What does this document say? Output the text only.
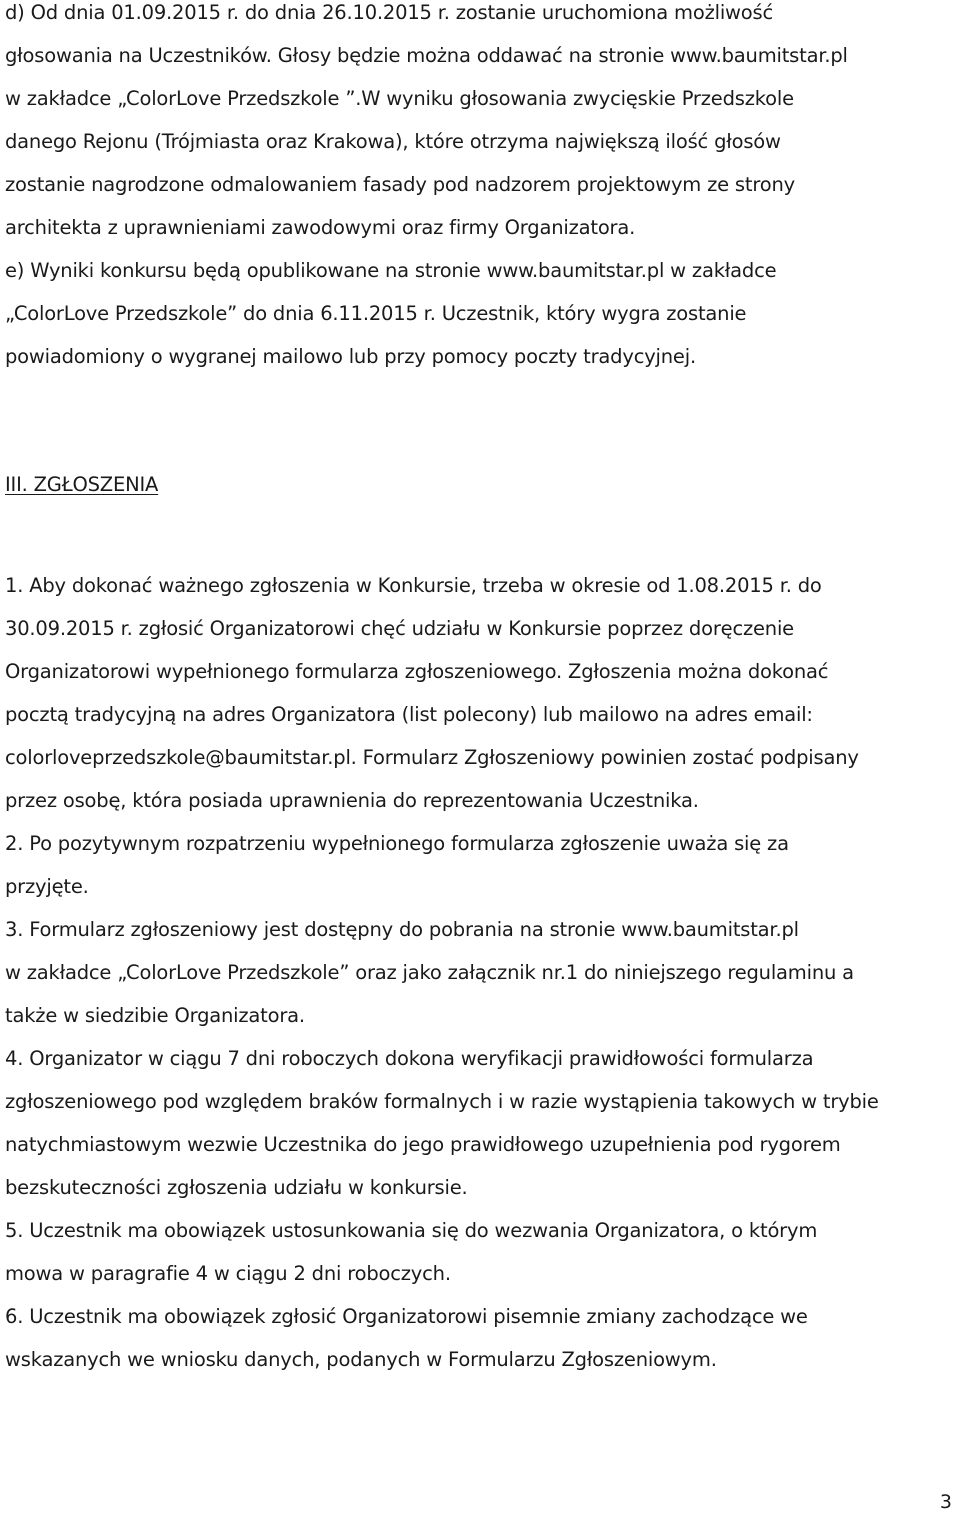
d) Od dnia 01.09.2015 r. do dnia 26.10.2015 r. zostanie uruchomiona możliwość
głosowania na Uczestników. Głosy będzie można oddawać na stronie www.baumitstar.pl
w zakładce „ColorLove Przedszkole ”.W wyniku głosowania zwycięskie Przedszkole
danego Rejonu (Trójmiasta oraz Krakowa), które otrzyma największą ilość głosów
zostanie nagrodzone odmalowaniem fasady pod nadzorem projektowym ze strony
architekta z uprawnieniami zawodowymi oraz firmy Organizatora.
e) Wyniki konkursu będą opublikowane na stronie www.baumitstar.pl w zakładce
„ColorLove Przedszkole” do dnia 6.11.2015 r. Uczestnik, który wygra zostanie
powiadomiony o wygranej mailowo lub przy pomocy poczty tradycyjnej.
III. ZGŁOSZENIA
1. Aby dokonać ważnego zgłoszenia w Konkursie, trzeba w okresie od 1.08.2015 r. do
30.09.2015 r. zgłosić Organizatorowi chęć udziału w Konkursie poprzez doręczenie
Organizatorowi wypełnionego formularza zgłoszeniowego. Zgłoszenia można dokonać
pocztą tradycyjną na adres Organizatora (list polecony) lub mailowo na adres email:
colorloveprzedszkole@baumitstar.pl. Formularz Zgłoszeniowy powinien zostać podpisany
przez osobę, która posiada uprawnienia do reprezentowania Uczestnika.
2. Po pozytywnym rozpatrzeniu wypełnionego formularza zgłoszenie uważa się za
przyjęte.
3. Formularz zgłoszeniowy jest dostępny do pobrania na stronie www.baumitstar.pl
w zakładce „ColorLove Przedszkole” oraz jako załącznik nr.1 do niniejszego regulaminu a
także w siedzibie Organizatora.
4. Organizator w ciągu 7 dni roboczych dokona weryfikacji prawidłowości formularza
zgłoszeniowego pod względem braków formalnych i w razie wystąpienia takowych w trybie
natychmiastowym wezwie Uczestnika do jego prawidłowego uzupełnienia pod rygorem
bezskuteczności zgłoszenia udziału w konkursie.
5. Uczestnik ma obowiązek ustosunkowania się do wezwania Organizatora, o którym
mowa w paragrafie 4 w ciągu 2 dni roboczych.
6. Uczestnik ma obowiązek zgłosić Organizatorowi pisemnie zmiany zachodzące we
wskazanych we wniosku danych, podanych w Formularzu Zgłoszeniowym.
3
